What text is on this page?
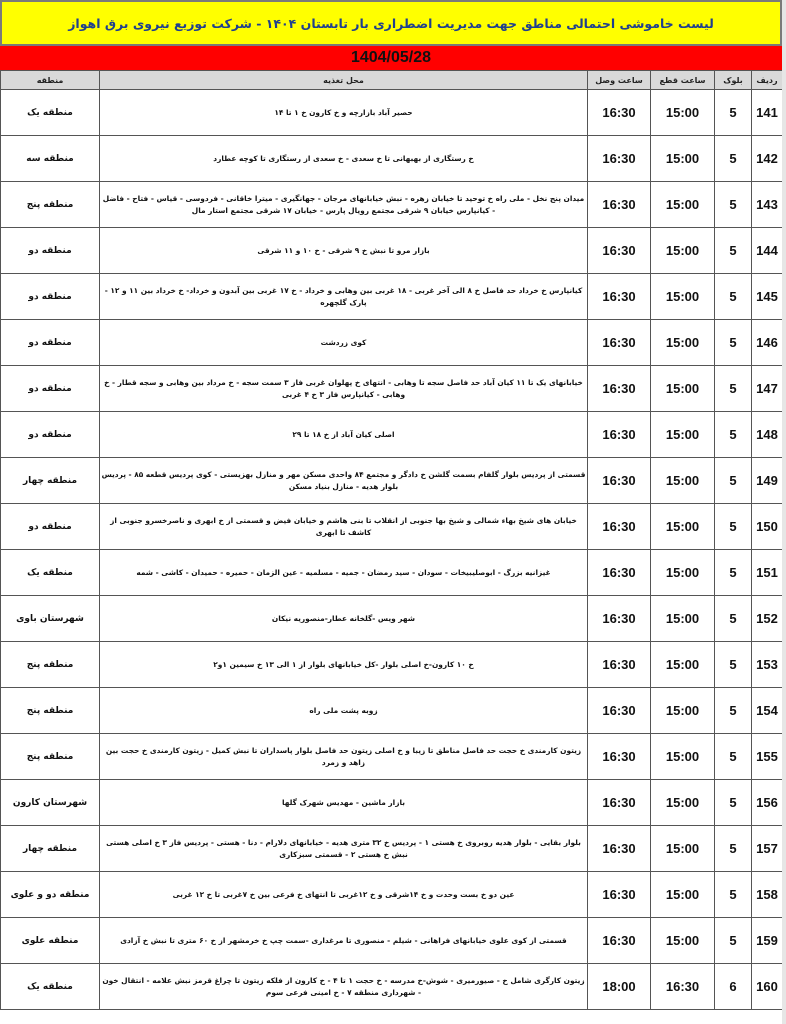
لیست خاموشی احتمالی مناطق جهت مدیریت اضطراری بار تابستان ۱۴۰۴ - شرکت توزیع نیروی برق اهواز
1404/05/28
ردیف	بلوک	ساعت قطع	ساعت وصل	محل تغذیه	منطقه
141	5	15:00	16:30	حصیر آباد بازارچه و خ کارون خ ۱ تا ۱۴	منطقه یک
142	5	15:00	16:30	خ رستگاری از بهبهانی تا خ سعدی - خ سعدی از رستگاری تا کوچه عطارد	منطقه سه
143	5	15:00	16:30	میدان پنج نخل - ملی راه خ توحید تا خیابان زهره - نبش خیابانهای مرجان - جهانگیری - میترا خاقانی - فردوسی - قیاس - فتاح - فاضل - کیانپارس خیابان ۹ شرقی مجتمع رویال پارس - خیابان ۱۷ شرقی مجتمع استار مال	منطقه پنج
144	5	15:00	16:30	بازار مرو تا نبش خ ۹ شرقی - خ ۱۰ و ۱۱ شرقی	منطقه دو
145	5	15:00	16:30	کیانپارس خ خرداد حد فاصل خ ۸ الی آخر غربی - ۱۸ غربی بین وهابی و خرداد - خ ۱۷ غربی بین آبدون و خرداد- خ خرداد بین ۱۱ و ۱۲ - پارک گلچهره	منطقه دو
146	5	15:00	16:30	کوی زردشت	منطقه دو
147	5	15:00	16:30	خیابانهای یک تا ۱۱ کیان آباد حد فاصل سجه تا وهابی - انتهای خ پهلوان غربی فاز ۳ سمت سجه - خ مرداد بین وهابی و سجه قطار - خ وهابی - کیانپارس فاز ۳ خ ۴ غربی	منطقه دو
148	5	15:00	16:30	اصلی کیان آباد از خ ۱۸ تا ۲۹	منطقه دو
149	5	15:00	16:30	قسمتی از پردیس بلوار گلفام بسمت گلشن خ دادگر و مجتمع ۸۴ واحدی مسکن مهر و منازل بهزیستی - کوی پردیس قطعه ۸۵ - پردیس بلوار هدیه - منازل بنیاد مسکن	منطقه چهار
150	5	15:00	16:30	خیابان های شیخ بهاء شمالی و شیخ بها جنوبی از انقلاب تا بنی هاشم و خیابان فیض و قسمتی از خ ابهری و ناصرخسرو جنوبی از کاشف تا ابهری	منطقه دو
151	5	15:00	16:30	غیزانیه بزرگ - ابوصلیبیخات - سودان - سید رمضان - جمیه - مسلمیه - عین الزمان - حمیره - حمیدان - کاشی - شمه	منطقه یک
152	5	15:00	16:30	شهر ویس -گلخانه عطار-منصوریه نیکان	شهرستان باوی
153	5	15:00	16:30	خ ۱۰ کارون-خ اصلی بلوار -کل خیابانهای بلوار از ۱ الی ۱۳ خ سیمین ۱و۲	منطقه پنج
154	5	15:00	16:30	زوبه پشت ملی راه	منطقه پنج
155	5	15:00	16:30	زیتون کارمندی خ حجت حد فاصل مناطق تا زیبا و خ اصلی زیتون حد فاصل بلوار پاسداران تا نبش کمیل - زیتون کارمندی خ حجت بین زاهد و زمرد	منطقه پنج
156	5	15:00	16:30	بازار ماشین - مهدیس شهرک گلها	شهرستان کارون
157	5	15:00	16:30	بلوار بقایی - بلوار هدیه روبروی خ هستی ۱ - پردیس خ ۳۲ متری هدیه - خیابانهای دلارام - دنا - هستی - پردیس فاز ۳ خ اصلی هستی نبش خ هستی ۲ - قسمتی سبزکاری	منطقه چهار
158	5	15:00	16:30	عین دو خ بست وحدت و خ ۱۴شرقی و خ ۱۲غربی تا انتهای خ فرعی بین خ ۷غربی تا خ ۱۲ غربی	منطقه دو و علوی
159	5	15:00	16:30	قسمتی از کوی علوی خیابانهای فراهانی - شیلم - منصوری تا مرغداری -سمت چپ خ خرمشهر از خ ۶۰ متری تا نبش خ آزادی	منطقه علوی
160	6	16:30	18:00	زیتون کارگری شامل خ - صیورمیری - شوش-خ مدرسه - خ حجت ۱ تا ۴ - خ کارون از فلکه زیتون تا چراغ قرمز نبش علامه - انتقال خون - شهرداری منطقه ۷ - خ امینی فرعی سوم	منطقه یک
